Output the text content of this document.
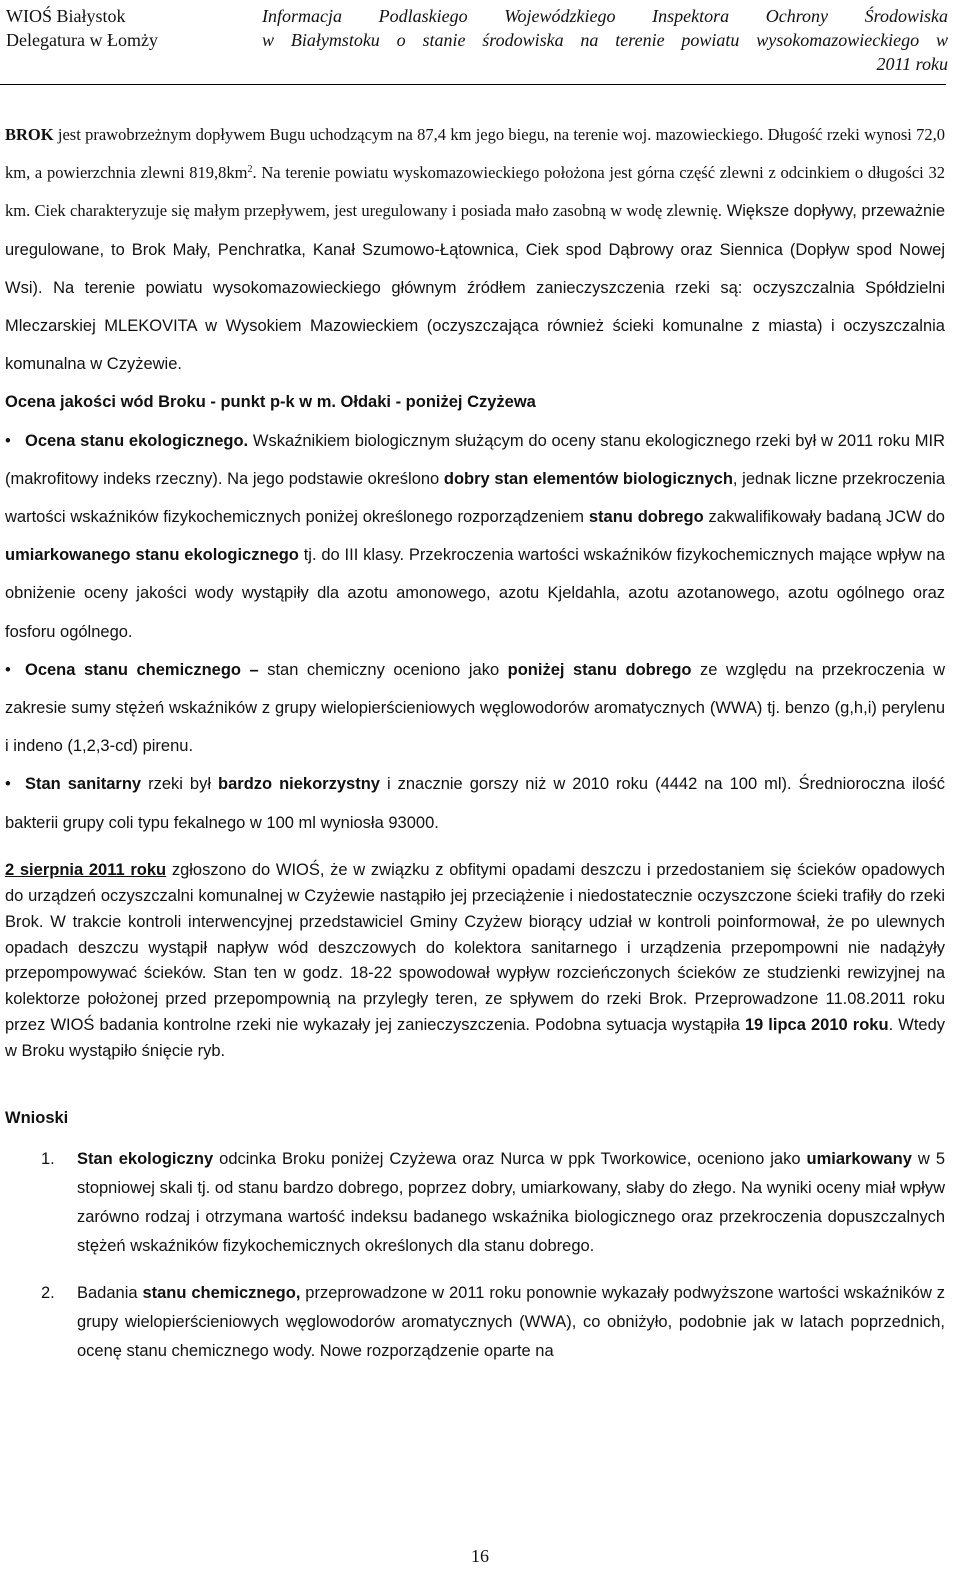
WIOŚ Białystok
Delegatura w Łomży
Informacja Podlaskiego Wojewódzkiego Inspektora Ochrony Środowiska
w Białymstoku o stanie środowiska na terenie powiatu wysokomazowieckiego w
2011 roku

BROK jest prawobrzeżnym dopływem Bugu uchodzącym na 87,4 km jego biegu, na terenie woj. mazowieckiego. Długość rzeki wynosi 72,0 km, a powierzchnia zlewni $819,8km^2$. Na terenie powiatu wyskomazowieckiego położona jest górna część zlewni z odcinkiem o długości 32 km. Ciek charakteryzuje się małym przepływem, jest uregulowany i posiada mało zasobną w wodę zlewnię. Większe dopływy, przeważnie uregulowane, to Brok Mały, Penchratka, Kanał Szumowo-Łątownica, Ciek spod Dąbrowy oraz Siennica (Dopływ spod Nowej Wsi). Na terenie powiatu wysokomazowieckiego głównym źródłem zanieczyszczenia rzeki są: oczyszczalnia Spółdzielni Mleczarskiej MLEKOVITA w Wysokiem Mazowieckiem (oczyszczająca również ścieki komunalne z miasta) i oczyszczalnia komunalna w Czyżewie.

Ocena jakości wód Broku - punkt p-k w m. Ołdaki - poniżej Czyżewa

• Ocena stanu ekologicznego. Wskaźnikiem biologicznym służącym do oceny stanu ekologicznego rzeki był w 2011 roku MIR (makrofitowy indeks rzeczny). Na jego podstawie określono dobry stan elementów biologicznych, jednak liczne przekroczenia wartości wskaźników fizykochemicznych poniżej określonego rozporządzeniem stanu dobrego zakwalifikowały badaną JCW do umiarkowanego stanu ekologicznego tj. do III klasy. Przekroczenia wartości wskaźników fizykochemicznych mające wpływ na obniżenie oceny jakości wody wystąpiły dla azotu amonowego, azotu Kjeldahla, azotu azotanowego, azotu ogólnego oraz fosforu ogólnego.

• Ocena stanu chemicznego – stan chemiczny oceniono jako poniżej stanu dobrego ze względu na przekroczenia w zakresie sumy stężeń wskaźników z grupy wielopierścieniowych węglowodorów aromatycznych (WWA) tj. benzo (g,h,i) perylenu i indeno (1,2,3-cd) pirenu.

• Stan sanitarny rzeki był bardzo niekorzystny i znacznie gorszy niż w 2010 roku (4442 na 100 ml). Średnioroczna ilość bakterii grupy coli typu fekalnego w 100 ml wyniosła 93000.

2 sierpnia 2011 roku zgłoszono do WIOŚ, że w związku z obfitymi opadami deszczu i przedostaniem się ścieków opadowych do urządzeń oczyszczalni komunalnej w Czyżewie nastąpiło jej przeciążenie i niedostatecznie oczyszczone ścieki trafiły do rzeki Brok. W trakcie kontroli interwencyjnej przedstawiciel Gminy Czyżew biorący udział w kontroli poinformował, że po ulewnych opadach deszczu wystąpił napływ wód deszczowych do kolektora sanitarnego i urządzenia przepompowni nie nadążyły przepompowywać ścieków. Stan ten w godz. 18-22 spowodował wypływ rozcieńczonych ścieków ze studzienki rewizyjnej na kolektorze położonej przed przepompownią na przyległy teren, ze spływem do rzeki Brok. Przeprowadzone 11.08.2011 roku przez WIOŚ badania kontrolne rzeki nie wykazały jej zanieczyszczenia. Podobna sytuacja wystąpiła 19 lipca 2010 roku. Wtedy w Broku wystąpiło śnięcie ryb.

Wnioski

1. Stan ekologiczny odcinka Broku poniżej Czyżewa oraz Nurca w ppk Tworkowice, oceniono jako umiarkowany w 5 stopniowej skali tj. od stanu bardzo dobrego, poprzez dobry, umiarkowany, słaby do złego. Na wyniki oceny miał wpływ zarówno rodzaj i otrzymana wartość indeksu badanego wskaźnika biologicznego oraz przekroczenia dopuszczalnych stężeń wskaźników fizykochemicznych określonych dla stanu dobrego.
2. Badania stanu chemicznego, przeprowadzone w 2011 roku ponownie wykazały podwyższone wartości wskaźników z grupy wielopierścieniowych węglowodorów aromatycznych (WWA), co obniżyło, podobnie jak w latach poprzednich, ocenę stanu chemicznego wody. Nowe rozporządzenie oparte na
16
